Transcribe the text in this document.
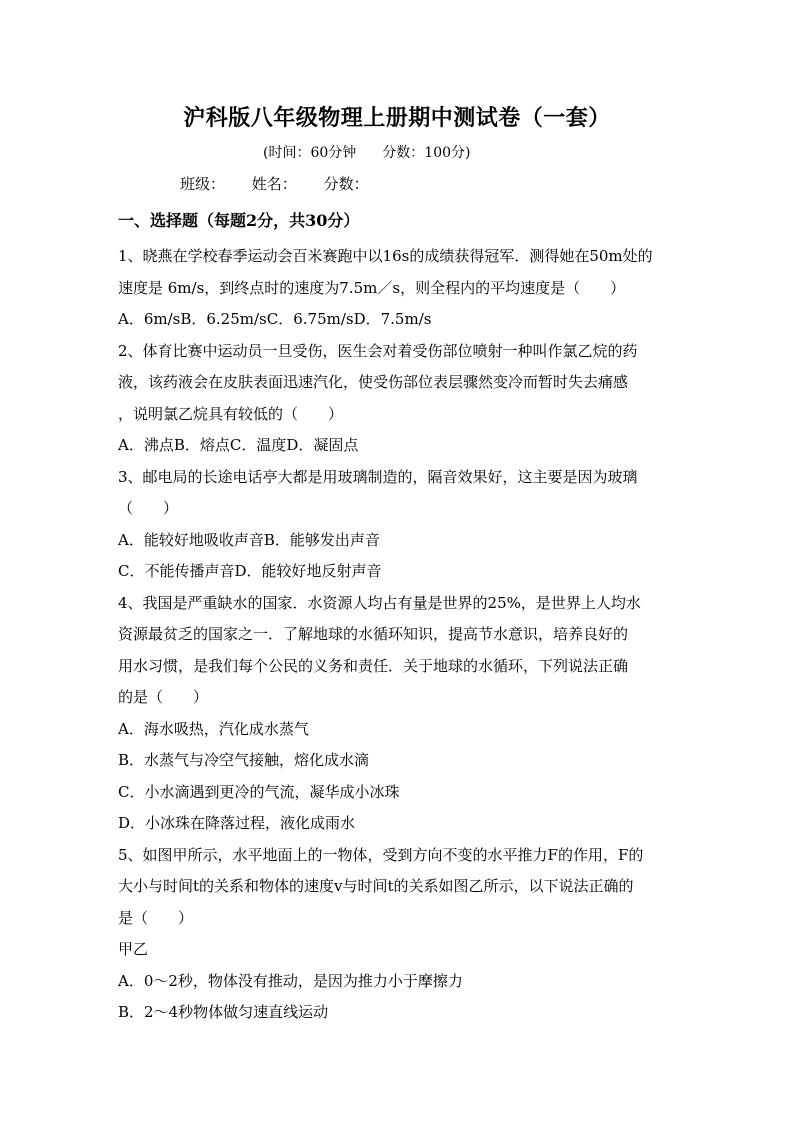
沪科版八年级物理上册期中测试卷（一套）
(时间：60分钟 分数：100分)
班级： 姓名： 分数：
一、选择题（每题2分，共30分）
1、晓燕在学校春季运动会百米赛跑中以16s的成绩获得冠军．测得她在50m处的
速度是 6m/s，到终点时的速度为7.5m／s，则全程内的平均速度是（　　）
A．6m/sB．6.25m/sC．6.75m/sD．7.5m/s
2、体育比赛中运动员一旦受伤，医生会对着受伤部位喷射一种叫作氯乙烷的药
液，该药液会在皮肤表面迅速汽化，使受伤部位表层骤然变冷而暂时失去痛感
，说明氯乙烷具有较低的（　　）
A．沸点B．熔点C．温度D．凝固点
3、邮电局的长途电话亭大都是用玻璃制造的，隔音效果好，这主要是因为玻璃
（　　）
A．能较好地吸收声音B．能够发出声音
C．不能传播声音D．能较好地反射声音
4、我国是严重缺水的国家．水资源人均占有量是世界的25%，是世界上人均水
资源最贫乏的国家之一．了解地球的水循环知识，提高节水意识，培养良好的
用水习惯，是我们每个公民的义务和责任．关于地球的水循环，下列说法正确
的是（　　）
A．海水吸热，汽化成水蒸气
B．水蒸气与冷空气接触，熔化成水滴
C．小水滴遇到更冷的气流，凝华成小冰珠
D．小冰珠在降落过程，液化成雨水
5、如图甲所示，水平地面上的一物体，受到方向不变的水平推力F的作用，F的
大小与时间t的关系和物体的速度v与时间t的关系如图乙所示，以下说法正确的
是（　　）
甲乙
A．0～2秒，物体没有推动，是因为推力小于摩擦力
B．2～4秒物体做匀速直线运动
